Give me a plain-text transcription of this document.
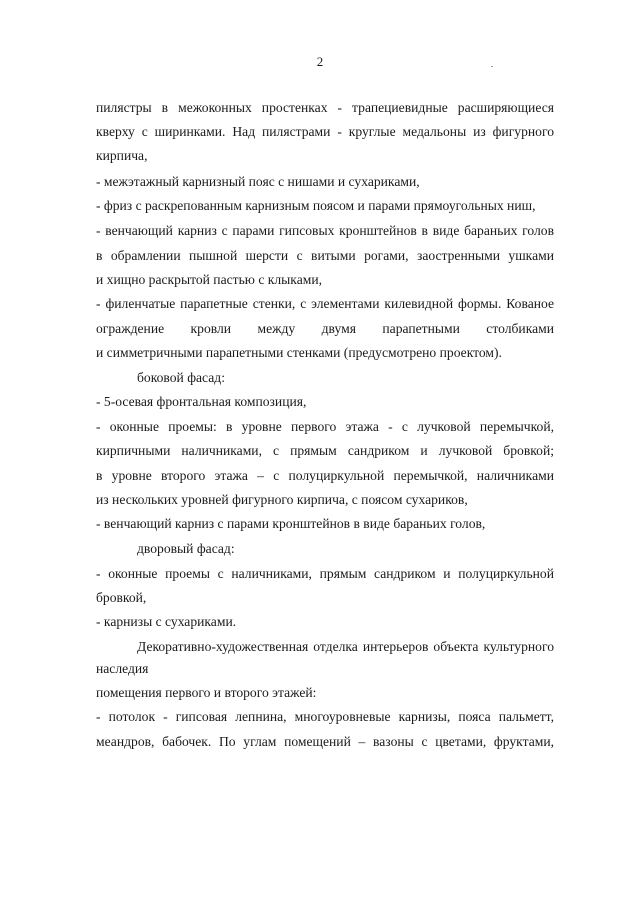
2
пилястры в межоконных простенках - трапециевидные расширяющиеся
кверху с ширинками. Над пилястрами - круглые медальоны из фигурного
кирпича,
- межэтажный карнизный пояс с нишами и сухариками,
- фриз с раскрепованным карнизным поясом и парами прямоугольных ниш,
- венчающий карниз с парами гипсовых кронштейнов в виде бараньих голов
в обрамлении пышной шерсти с витыми рогами, заостренными ушками
и хищно раскрытой пастью с клыками,
- филенчатые парапетные стенки, с элементами килевидной формы. Кованое
ограждение кровли между двумя парапетными столбиками
и симметричными парапетными стенками (предусмотрено проектом).
боковой фасад:
- 5-осевая фронтальная композиция,
- оконные проемы: в уровне первого этажа - с лучковой перемычкой,
кирпичными наличниками, с прямым сандриком и лучковой бровкой;
в уровне второго этажа – с полуциркульной перемычкой, наличниками
из нескольких уровней фигурного кирпича, с поясом сухариков,
- венчающий карниз с парами кронштейнов в виде бараньих голов,
дворовый фасад:
- оконные проемы с наличниками, прямым сандриком и полуциркульной
бровкой,
- карнизы с сухариками.
Декоративно-художественная отделка интерьеров объекта культурного
наследия
помещения первого и второго этажей:
- потолок - гипсовая лепнина, многоуровневые карнизы, пояса пальметт,
меандров, бабочек. По углам помещений – вазоны с цветами, фруктами,
